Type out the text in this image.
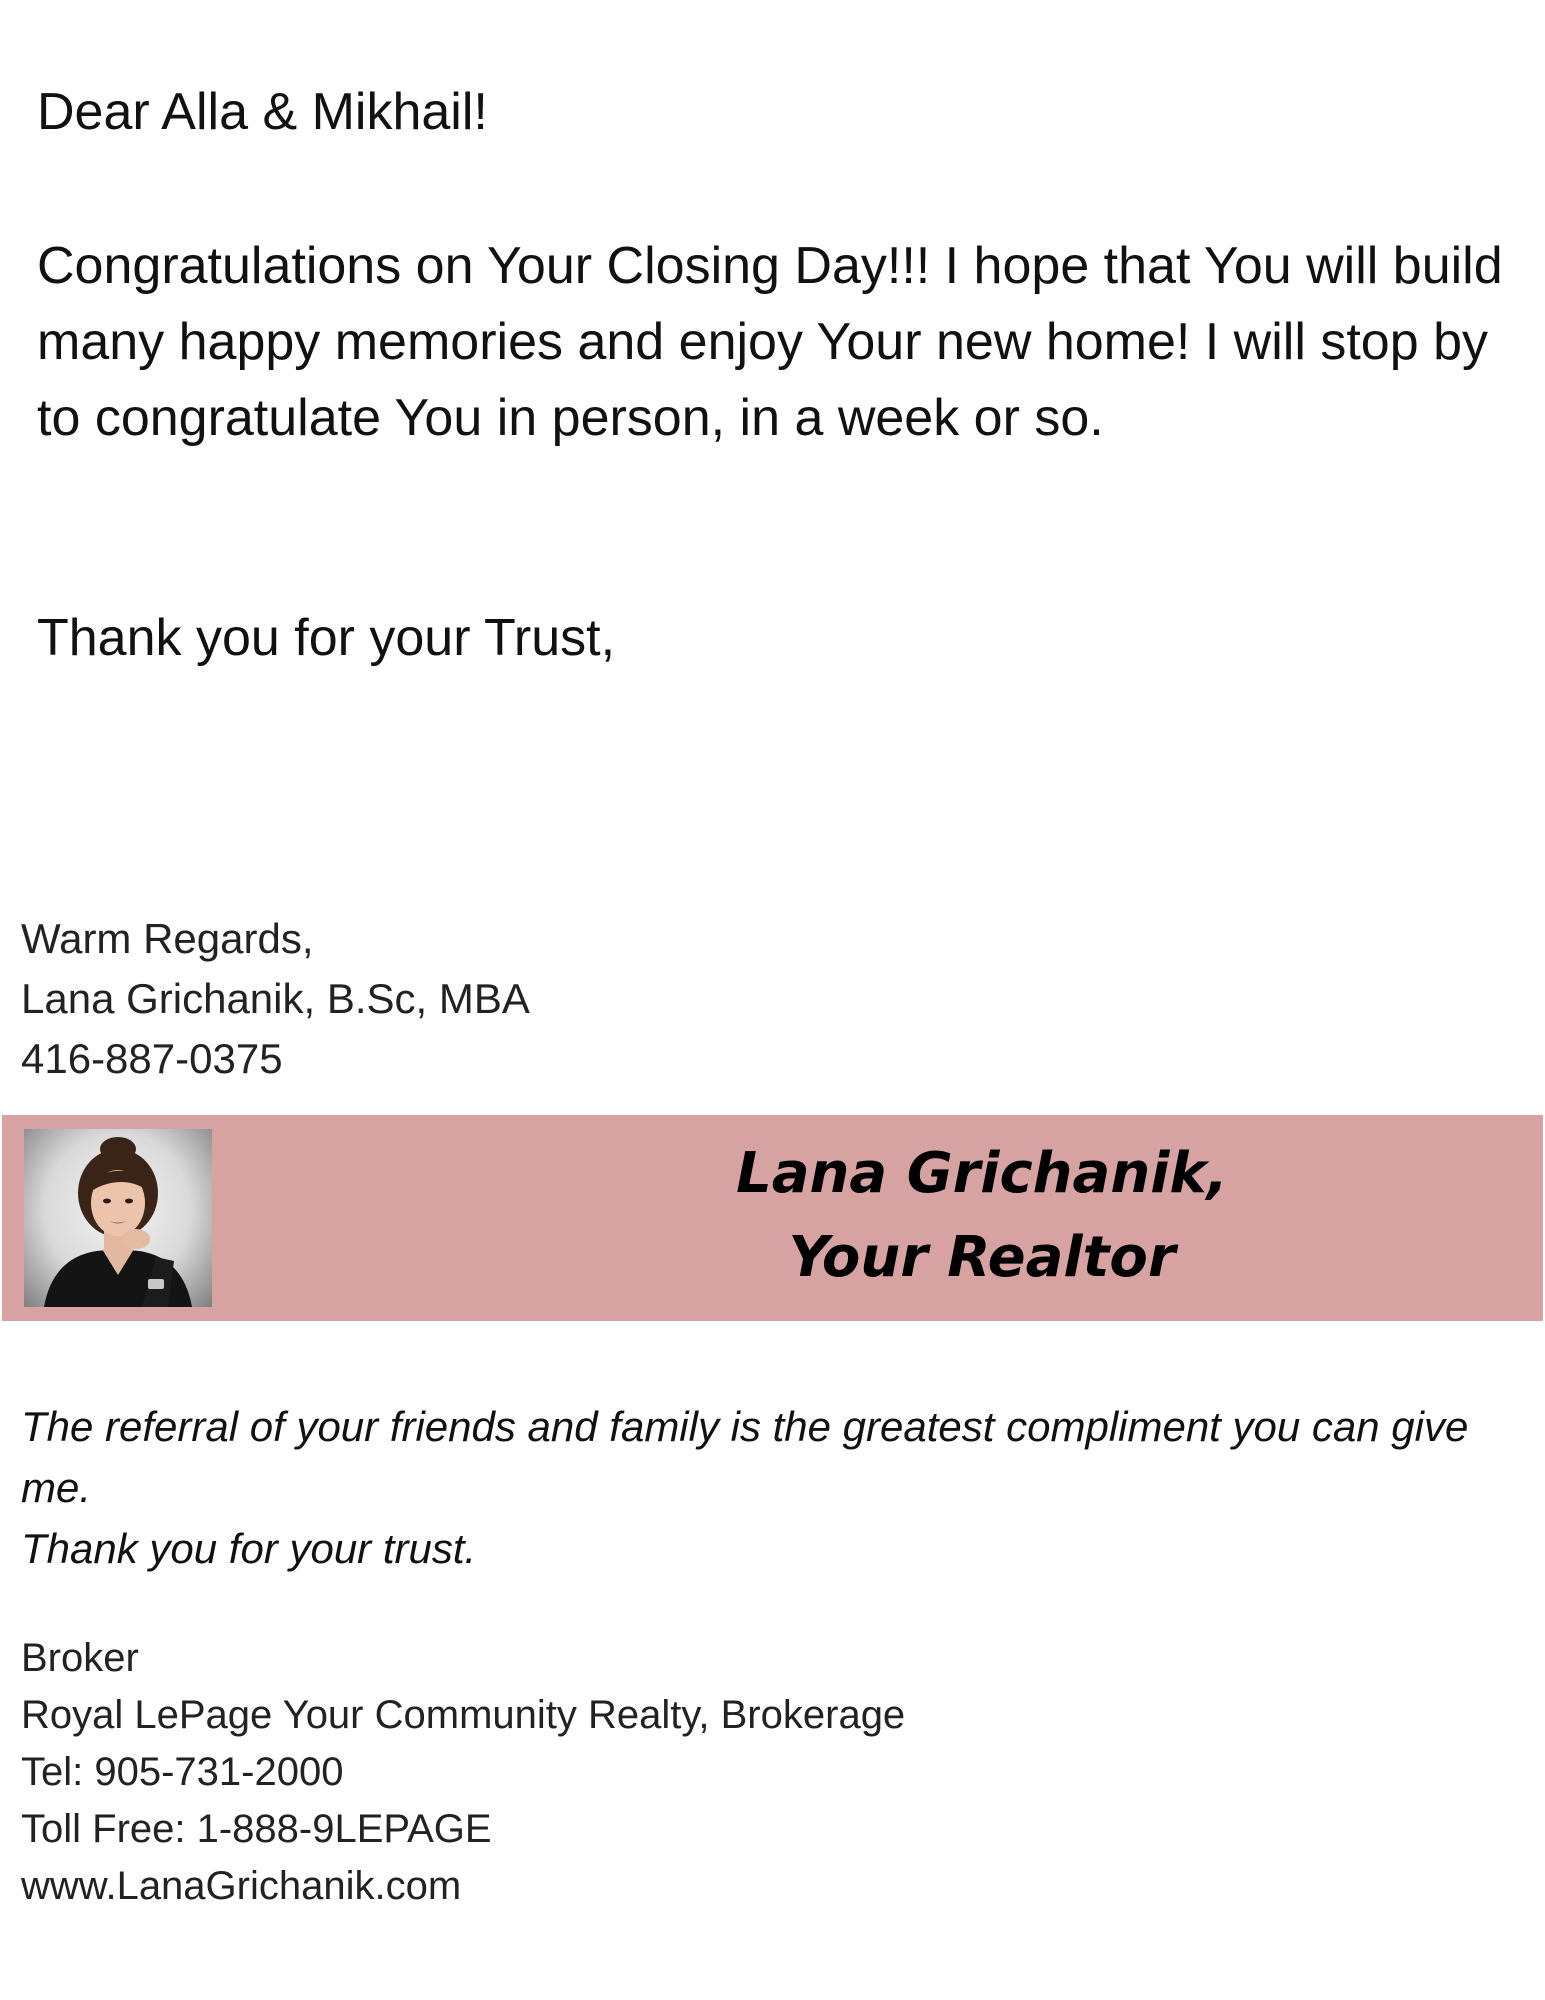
Dear Alla & Mikhail!

Congratulations on Your Closing Day!!! I hope that You will build many happy memories and enjoy Your new home! I will stop by to congratulate You in person, in a week or so.

Thank you for your Trust,

Warm Regards,

Lana Grichanik, B.Sc, MBA

416-887-0375

Lana Grichanik,

Your Realtor

The referral of your friends and family is the greatest compliment you can give me.
Thank you for your trust.

Broker

Royal LePage Your Community Realty, Brokerage

Tel: 905-731-2000

Toll Free: 1-888-9LEPAGE

www.LanaGrichanik.com
